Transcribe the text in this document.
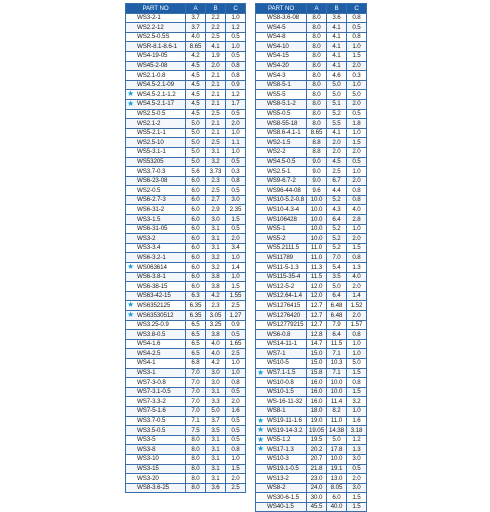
PART NO	A	B	C
WS3-2-1	3.7	2.2	1.0
WS2.2-12	3.7	2.2	1.2
WS2.5-0.5S	4.0	2.5	0.5
WSR-8.1-8.6-1	8.65	4.1	1.0
WS4-19-05	4.2	1.9	0.5
WS45-2-08	4.5	2.0	0.8
WS2.1-0.8	4.5	2.1	0.8
WS4.5-2.1-09	4.5	2.1	0.9

★ WS4.5-2.1-1.2	4.5	2.1	1.2

★ WS4.5-2.1-17	4.5	2.1	1.7
WS2.5-0.5	4.5	2.5	0.5
WS2.1-2	5.0	2.1	2.0
WS5-2.1-1	5.0	2.1	1.0
WS2.5-10	5.0	2.5	1.1
WS5-3.1-1	5.0	3.1	1.0
WS53205	5.0	3.2	0.5
WS3.7-0.3	5.6	3.73	0.3
WS6-23-08	6.0	2.3	0.8
WS2-0.5	6.0	2.5	0.5
WS6-2.7-3	6.0	2.7	3.0
WS6-31-2	6.0	2.9	2.35
WS3-1.5	6.0	3.0	1.5
WS6-31-05	6.0	3.1	0.5
WS3-2	6.0	3.1	2.0
WS3-3.4	6.0	3.1	3.4
WS6-3.2-1	6.0	3.2	1.0

★ WS063614	6.0	3.2	1.4
WS6-3.8-1	6.0	3.8	1.0
WS6-38-15	6.0	3.8	1.5
WS63-42-15	6.3	4.2	1.55

★ WS6352125	6.35	2.3	2.5

★ WS63530512	6.35	3.05	1.27
WS3.25-0.9	6.5	3.25	0.9
WS3.8-0.5	6.5	3.8	0.5
WS4-1.6	6.5	4.0	1.65
WS4-2.5	6.5	4.0	2.5
WS4-1	6.8	4.2	1.0
WS3-1	7.0	3.0	1.0
WS7-3-0.8	7.0	3.0	0.8
WS7-3.1-0.5	7.0	3.1	0.5
WS7-3.3-2	7.0	3.3	2.0
WS7-5-1.6	7.0	5.0	1.6
WS3.7-0.5	7.1	3.7	0.5
WS3.5-0.5	7.5	3.5	0.5
WS3-5	8.0	3.1	0.5
WS3-8	8.0	3.1	0.8
WS3-10	8.0	3.1	1.0
WS3-15	8.0	3.1	1.5
WS3-20	8.0	3.1	2.0
WS8-3.6-25	8.0	3.6	2.5
PART NO	A	B	C
WS8-3.6-08	8.0	3.6	0.8
WS4-5	8.0	4.1	0.5
WS4-8	8.0	4.1	0.8
WS4-10	8.0	4.1	1.0
WS4-15	8.0	4.1	1.5
WS4-20	8.0	4.1	2.0
WS4-3	8.0	4.6	0.3
WS8-5-1	8.0	5.0	1.0
WS5-5	8.0	5.0	5.0
WS8-5.1-2	8.0	5.1	2.0
WS5-0.5	8.0	5.2	0.5
WS8-55-18	8.0	5.5	1.8
WS8.6-4.1-1	8.65	4.1	1.0
WS2-1.5	8.8	2.0	1.5
WS2-2	8.8	2.0	2.0
WS4.5-0.5	9.0	4.5	0.5
WS2.5-1	9.0	2.5	1.0
WS9-6.7-2	9.0	6.7	2.0
WS96-44-08	9.6	4.4	0.8
WS10-5.2-0.8	10.0	5.2	0.8
WS10-4.3-4	10.0	4.3	4.0
WS106428	10.0	6.4	2.8
WS5-1	10.0	5.2	1.0
WS5-2	10.0	5.2	2.0
WS5.2111.5	11.0	5.2	1.5
WS11789	11.0	7.0	0.8
WS11-5-1.3	11.3	5.4	1.3
WS115-35-4	11.5	3.5	4.0
WS12-5-2	12.0	5.0	2.0
WS12.64-1.4	12.0	6.4	1.4
WS1276415	12.7	6.48	1.52
WS1276420	12.7	6.48	2.0
WS12779215	12.7	7.9	1.57
WS6-0.8	12.8	6.4	0.8
WS14-11-1	14.7	11.5	1.0
WS7-1	15.0	7.1	1.0
WS10-5	15.0	10.3	5.0

★ WS7.1-1.5	15.8	7.1	1.5
WS10-0.8	16.0	10.0	0.8
WS10-1.5	16.0	10.0	1.5
WS-16-11-32	16.0	11.4	3.2
WS8-1	18.0	8.2	1.0

★ WS19-11-1.6	19.0	11.0	1.6

★ WS19-14-3.2	19.05	14.38	3.18

★ WS5-1.2	19.5	5.0	1.2

★ WS17-1.3	20.2	17.8	1.3
WS10-3	20.7	10.0	3.0
WS19.1-0.5	21.8	19.1	0.5
WS13-2	23.0	13.0	2.0
WS8-2	24.0	8.05	3.0
WS30-6-1.5	30.0	6.0	1.5
WS40-1.5	45.5	40.0	1.5
